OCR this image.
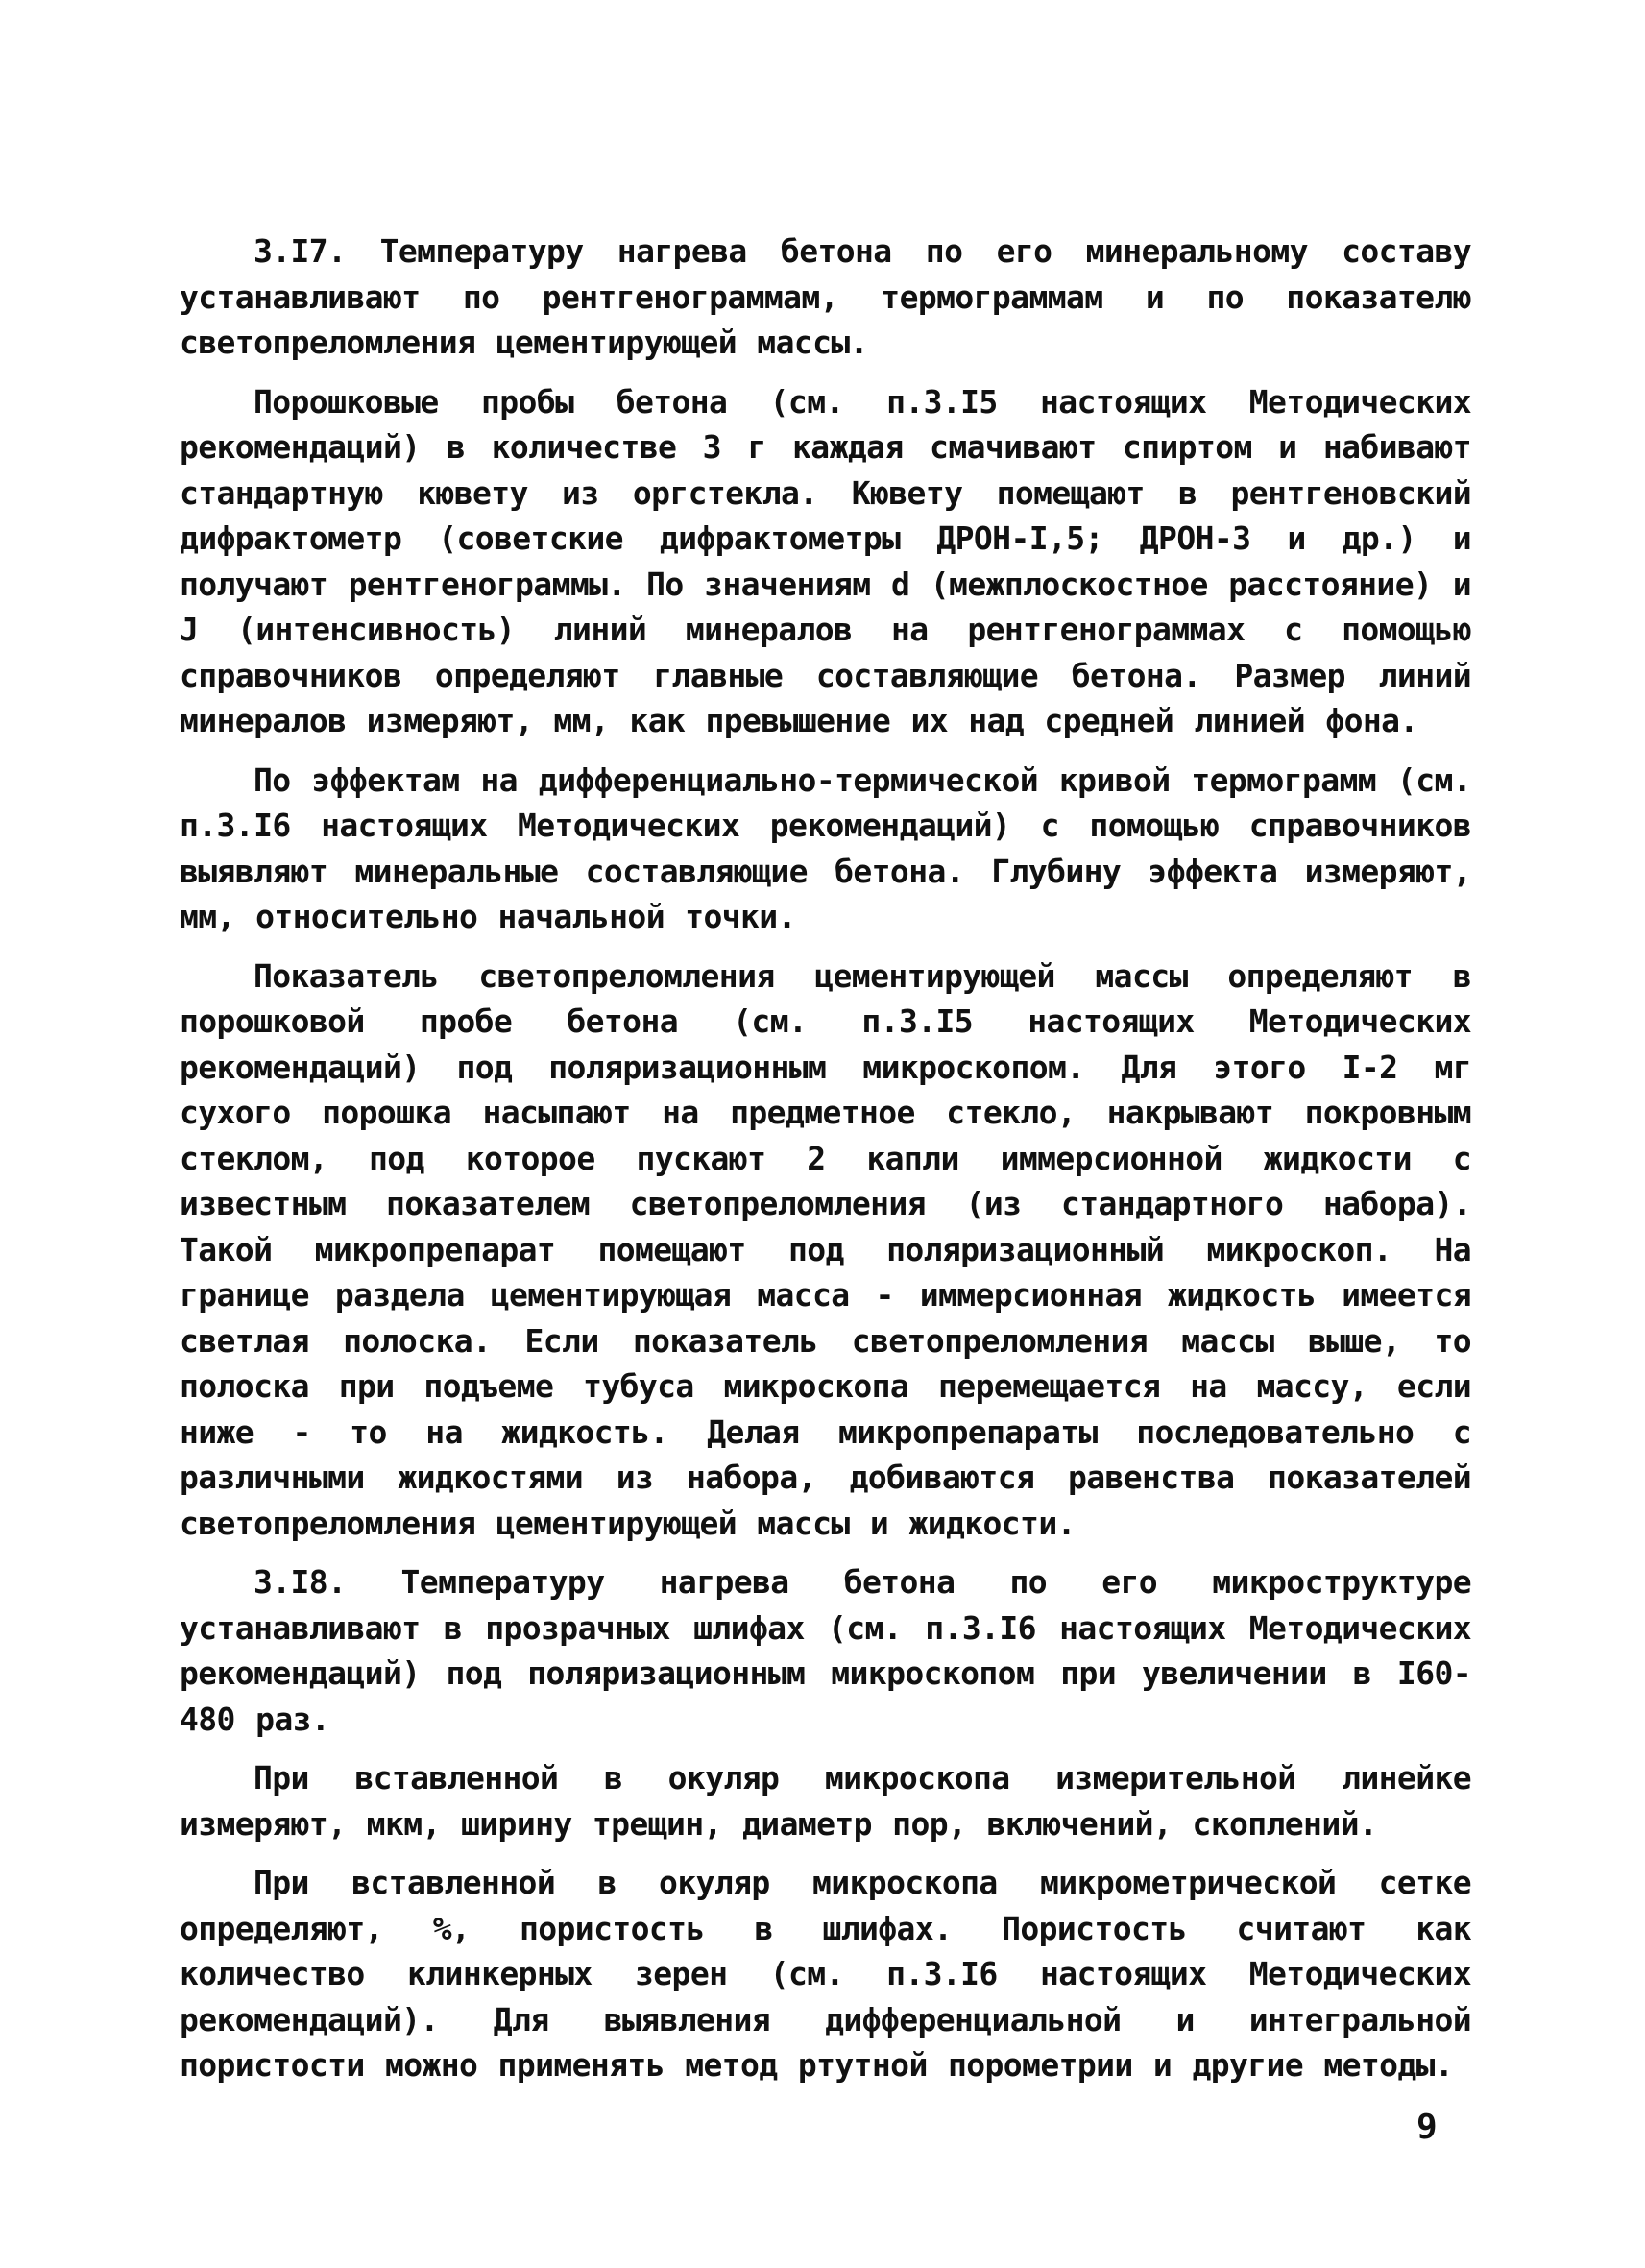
3.I7. Температуру нагрева бетона по его минеральному составу устанавливают по рентгенограммам, термограммам и по показателю светопреломления цементирующей массы.

Порошковые пробы бетона (см. п.3.I5 настоящих Методических рекомендаций) в количестве 3 г каждая смачивают спиртом и набивают стандартную кювету из оргстекла. Кювету помещают в рентгеновский дифрактометр (советские дифрактометры ДРОН-I,5; ДРОН-3 и др.) и получают рентгенограммы. По значениям d (межплоскостное расстояние) и J (интенсивность) линий минералов на рентгенограммах с помощью справочников определяют главные составляющие бетона. Размер линий минералов измеряют, мм, как превышение их над средней линией фона.

По эффектам на дифференциально-термической кривой термограмм (см. п.3.I6 настоящих Методических рекомендаций) с помощью справочников выявляют минеральные составляющие бетона. Глубину эффекта измеряют, мм, относительно начальной точки.

Показатель светопреломления цементирующей массы определяют в порошковой пробе бетона (см. п.3.I5 настоящих Методических рекомендаций) под поляризационным микроскопом. Для этого I-2 мг сухого порошка насыпают на предметное стекло, накрывают покровным стеклом, под которое пускают 2 капли иммерсионной жидкости с известным показателем светопреломления (из стандартного набора). Такой микропрепарат помещают под поляризационный микроскоп. На границе раздела цементирующая масса - иммерсионная жидкость имеется светлая полоска. Если показатель светопреломления массы выше, то полоска при подъеме тубуса микроскопа перемещается на массу, если ниже - то на жидкость. Делая микропрепараты последовательно с различными жидкостями из набора, добиваются равенства показателей светопреломления цементирующей массы и жидкости.

3.I8. Температуру нагрева бетона по его микроструктуре устанавливают в прозрачных шлифах (см. п.3.I6 настоящих Методических рекомендаций) под поляризационным микроскопом при увеличении в I60-480 раз.

При вставленной в окуляр микроскопа измерительной линейке измеряют, мкм, ширину трещин, диаметр пор, включений, скоплений.

При вставленной в окуляр микроскопа микрометрической сетке определяют, %, пористость в шлифах. Пористость считают как количество клинкерных зерен (см. п.3.I6 настоящих Методических рекомендаций). Для выявления дифференциальной и интегральной пористости можно применять метод ртутной порометрии и другие методы.

9
